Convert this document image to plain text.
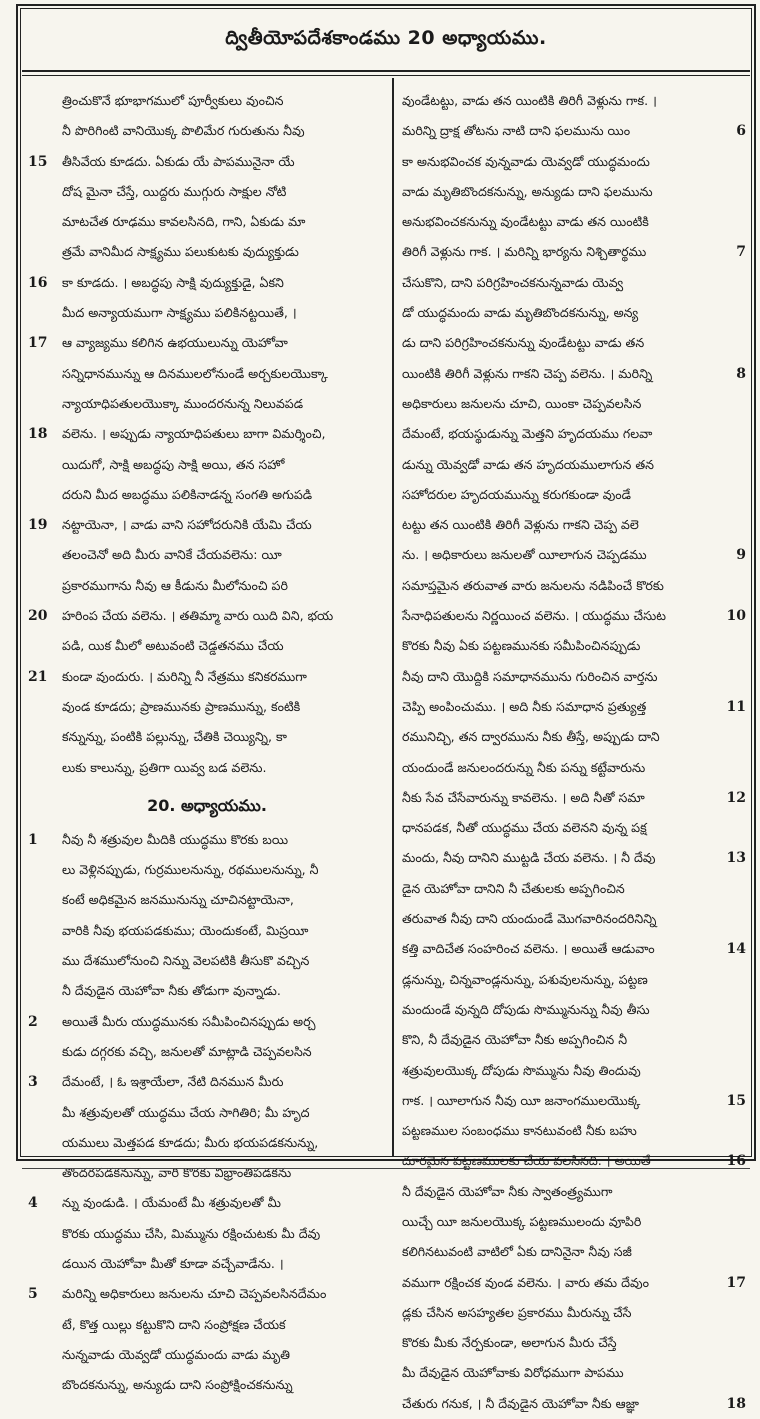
ద్వితీయోపదేశకాండము 20 అధ్యాయము.
త్రించుకొనే భూభాగములో పూర్వీకులు వుంచిన
నీ పొరిగింటి వానియొక్క పొలిమేర గురుతును నీవు
15	తీసివేయ కూడదు. ఏకుడు యే పాపమునైనా యే
దోష మైనా చేస్తే, యిద్దరు ముగ్గురు సాక్షుల నోటి
మాటచేత రూఢము కావలసినది, గాని, ఏకుడు మా
త్రమే వానిమీద సాక్ష్యము పలుకుటకు వుద్యుక్తుడు
16	కా కూడదు. । అబద్ధపు సాక్షి వుద్యుక్తుడై, ఏకని
మీద అన్యాయముగా సాక్ష్యము పలికినట్టయితే, ।
17	ఆ వ్యాజ్యము కలిగిన ఉభయులున్ను యెహోవా
సన్నిధానమున్ను ఆ దినములలోనుండే అర్చకులయొక్కా
న్యాయాధిపతులయొక్కా ముందరనున్న నిలువపడ
18	వలెను. । అప్పుడు న్యాయాధిపతులు బాగా విమర్శించి,
యిదుగో, సాక్షి అబద్ధపు సాక్షి అయి, తన సహో
దరుని మీద అబద్ధము పలికినాడన్న సంగతి అగుపడి
19	నట్టాయెనా, । వాడు వాని సహోదరునికి యేమి చేయ
తలంచెనో అది మీరు వానికే చేయవలెను: యీ
ప్రకారముగాను నీవు ఆ కీడును మీలోనుంచి పరి
20	హరింప చేయ వలెను. । తతిమ్మా వారు యిది విని, భయ
పడి, యిక మీలో అటువంటి చెడ్డతనము చేయ
21	కుండా వుందురు. । మరిన్ని నీ నేత్రము కనికరముగా
వుండ కూడదు; ప్రాణమునకు ప్రాణమున్ను, కంటికి
కన్నున్ను, పంటికి పల్లున్ను, చేతికి చెయ్యిన్ని, కా
లుకు కాలున్ను, ప్రతిగా యివ్వ బడ వలెను.
20. అధ్యాయము.
1	నీవు నీ శత్రువుల మీదికి యుద్ధము కొరకు బయి
లు వెళ్లినప్పుడు, గుర్రములనున్ను, రథములనున్ను, నీ
కంటే అధికమైన జనమునున్ను చూచినట్టాయెనా,
వారికి నీవు భయపడకుము; యెందుకంటే, మిస్రయీ
ము దేశములోనుంచి నిన్ను వెలపటికి తీసుకొ వచ్చిన
నీ దేవుడైన యెహోవా నీకు తోడుగా వున్నాడు.
2	అయితే మీరు యుద్ధమునకు సమీపించినప్పుడు అర్చ
కుడు దగ్గరకు వచ్చి, జనులతో మాట్లాడి చెప్పవలసిన
3	దేమంటే, । ఓ ఇశ్రాయేలా, నేటి దినమున మీరు
మీ శత్రువులతో యుద్ధము చేయ సాగితిరి; మీ హృద
యములు మెత్తపడ కూడదు; మీరు భయపడకనున్ను,
తొందరపడకనున్ను, వారి కొరకు విభ్రాంతిపడకను
4	న్ను వుండుడి. । యేమంటే మీ శత్రువులతో మీ
కొరకు యుద్ధము చేసి, మిమ్మును రక్షించుటకు మీ దేవు
డయిన యెహోవా మీతో కూడా వచ్చేవాడేను. ।
5	మరిన్ని అధికారులు జనులను చూచి చెప్పవలసినదేమం
టే, కొత్త యిల్లు కట్టుకొని దాని సంప్రోక్షణ చేయక
నున్నవాడు యెవ్వడో యుద్ధమందు వాడు మృతి
బొందకనున్ను, అన్యుడు దాని సంప్రోక్షించకనున్ను
వుండేటట్టు, వాడు తన యింటికి తిరిగీ వెళ్లును గాక. ।
6
మరిన్ని ద్రాక్ష తోటను నాటి దాని ఫలమును యిం
కా అనుభవించక వున్నవాడు యెవ్వడో యుద్ధమందు
వాడు మృతిబొందకనున్ను, అన్యుడు దాని ఫలమును
అనుభవించకనున్ను వుండేటట్టు వాడు తన యింటికి
7
తిరిగీ వెళ్లును గాక. । మరిన్ని భార్యను నిశ్చితార్థము
చేసుకొని, దాని పరిగ్రహించకనున్నవాడు యెవ్వ
డో యుద్ధమందు వాడు మృతిబొందకనున్ను, అన్య
డు దాని పరిగ్రహించకనున్ను వుండేటట్టు వాడు తన
8
యింటికి తిరిగీ వెళ్లును గాకని చెప్ప వలెను. । మరిన్ని
అధికారులు జనులను చూచి, యింకా చెప్పవలసిన
దేమంటే, భయస్థుడున్ను మెత్తని హృదయము గలవా
డున్ను యెవ్వడో వాడు తన హృదయములాగున తన
సహోదరుల హృదయమున్ను కరుగకుండా వుండే
టట్టు తన యింటికి తిరిగీ వెళ్లును గాకని చెప్ప వలె
9
ను. । అధికారులు జనులతో యీలాగున చెప్పడము
సమాప్తమైన తరువాత వారు జనులను నడిపించే కొరకు
10
సేనాధిపతులను నిర్ణయించ వలెను. । యుద్ధము చేసుట
కొరకు నీవు ఏకు పట్టణమునకు సమీపించినప్పుడు
నీవు దాని యొద్దికి సమాధానమును గురించిన వార్తను
11
చెప్పి అంపించుము. । అది నీకు సమాధాన ప్రత్యుత్త
రమునిచ్చి, తన ద్వారమును నీకు తీస్తే, అప్పుడు దాని
యందుండే జనులందరున్ను నీకు పన్ను కట్టేవారును
12
నీకు సేవ చేసేవారున్ను కావలెను. । అది నీతో సమా
ధానపడక, నీతో యుద్ధము చేయ వలెనని వున్న పక్ష
13
మందు, నీవు దానిని ముట్టడి చేయ వలెను. । నీ దేవు
డైన యెహోవా దానిని నీ చేతులకు అప్పగించిన
తరువాత నీవు దాని యందుండే మొగవారినందరినిన్ని
14
కత్తి వాదిచేత సంహరించ వలెను. । అయితే ఆడువాం
డ్లనున్ను, చిన్నవాండ్లనున్ను, పశువులనున్ను, పట్టణ
మందుండే వున్నది దోపుడు సొమ్మునున్ను నీవు తీసు
కొని, నీ దేవుడైన యెహోవా నీకు అప్పగించిన నీ
శత్రువులయొక్క దోపుడు సొమ్మును నీవు తిందువు
15
గాక. । యీలాగున నీవు యీ జనాంగములయొక్క
పట్టణముల సంబంధము కానటువంటి నీకు బహు
16
దూరమైన పట్టణములకు చేయ వలసినది. । అయితే
నీ దేవుడైన యెహోవా నీకు స్వాతంత్ర్యముగా
యిచ్చే యీ జనులయొక్క పట్టణములందు వూపిరి
కలిగినటువంటి వాటిలో ఏకు దానినైనా నీవు సజీ
17
వముగా రక్షించక వుండ వలెను. । వారు తమ దేవుం
డ్లకు చేసిన అసహ్యతల ప్రకారము మీరున్ను చేసే
కొరకు మీకు నేర్పకుండా, అలాగున మీరు చేస్తే
మీ దేవుడైన యెహోవాకు విరోధముగా పాపము
18
చేతురు గనుక, । నీ దేవుడైన యెహోవా నీకు ఆజ్ఞా
